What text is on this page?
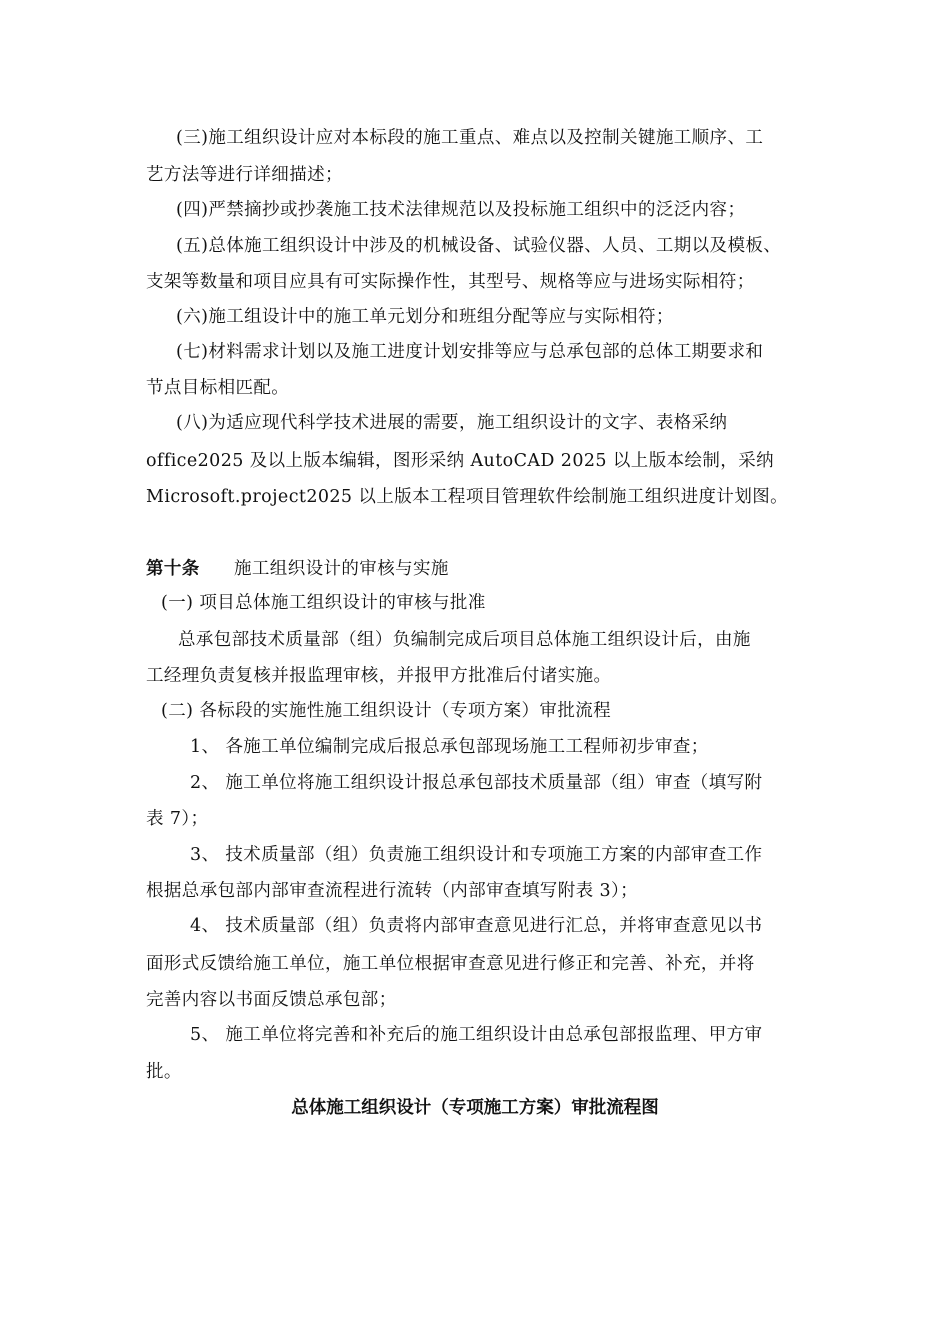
(三)施工组织设计应对本标段的施工重点、难点以及控制关键施工顺序、工
艺方法等进行详细描述；
(四)严禁摘抄或抄袭施工技术法律规范以及投标施工组织中的泛泛内容；
(五)总体施工组织设计中涉及的机械设备、试验仪器、人员、工期以及模板、
支架等数量和项目应具有可实际操作性，其型号、规格等应与进场实际相符；
(六)施工组设计中的施工单元划分和班组分配等应与实际相符；
(七)材料需求计划以及施工进度计划安排等应与总承包部的总体工期要求和
节点目标相匹配。
(八)为适应现代科学技术进展的需要，施工组织设计的文字、表格采纳
office2025 及以上版本编辑，图形采纳 AutoCAD 2025 以上版本绘制，采纳
Microsoft.project2025 以上版本工程项目管理软件绘制施工组织进度计划图。
第十条 施工组织设计的审核与实施
(一) 项目总体施工组织设计的审核与批准
总承包部技术质量部（组）负编制完成后项目总体施工组织设计后，由施
工经理负责复核并报监理审核，并报甲方批准后付诸实施。
(二) 各标段的实施性施工组织设计（专项方案）审批流程
1、 各施工单位编制完成后报总承包部现场施工工程师初步审查；
2、 施工单位将施工组织设计报总承包部技术质量部（组）审查（填写附
表 7）；
3、 技术质量部（组）负责施工组织设计和专项施工方案的内部审查工作
根据总承包部内部审查流程进行流转（内部审查填写附表 3）；
4、 技术质量部（组）负责将内部审查意见进行汇总，并将审查意见以书
面形式反馈给施工单位，施工单位根据审查意见进行修正和完善、补充，并将
完善内容以书面反馈总承包部；
5、 施工单位将完善和补充后的施工组织设计由总承包部报监理、甲方审
批。
总体施工组织设计（专项施工方案）审批流程图
